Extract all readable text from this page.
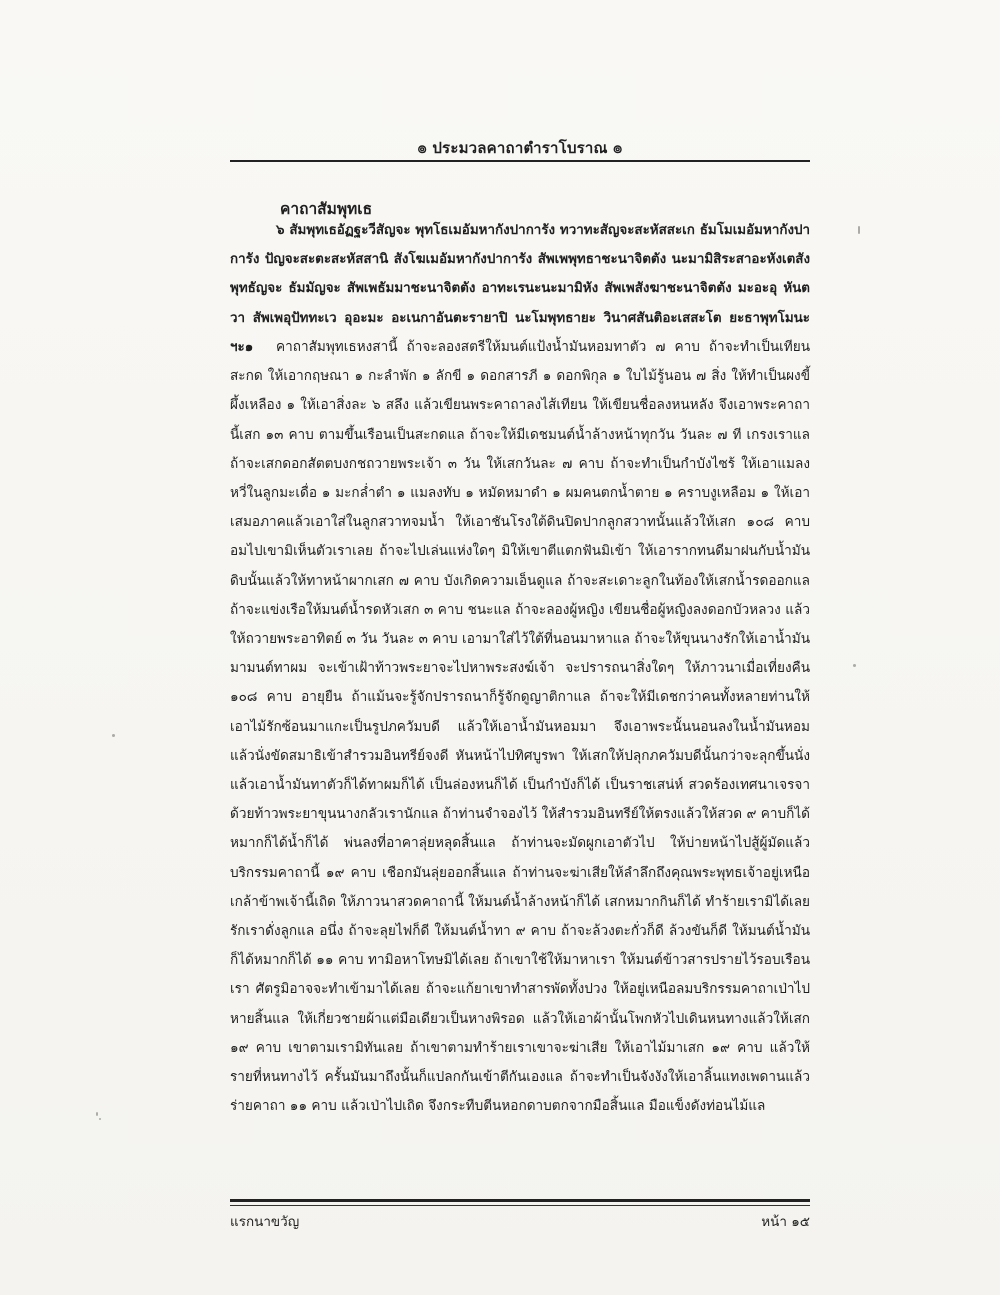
๏ ประมวลคาถาตำราโบราณ ๏
คาถาสัมพุทเธ

๖ สัมพุทเธอัฏฐะวีสัญจะ พุทโธเมอัมหากังปาการัง ทวาทะสัญจะสะหัสสะเก ธัมโมเมอัมหากังปาการัง ปัญจะสะตะสะหัสสานิ สังโฆเมอัมหากังปาการัง สัพเพพุทธาชะนาจิตตัง นะมามิสิระสาอะหังเตสัง พุทธัญจะ ธัมมัญจะ สัพเพธัมมาชะนาจิตตัง อาทะเรนะนะมามิหัง สัพเพสังฆาชะนาจิตตัง มะอะอุ หันตวา สัพเพอุปัททะเว อุอะมะ อะเนกาอันตะรายาปิ นะโมพุทธายะ วินาศสันติอะเสสะโต ยะธาพุทโมนะ ฯะ๑	คาถาสัมพุทเธหงสานี้ ถ้าจะลองสตรีให้มนต์แป้งน้ำมันหอมทาตัว ๗ คาบ ถ้าจะทำเป็นเทียนสะกด ให้เอากฤษณา ๑ กะลำพัก ๑ ลักขี ๑ ดอกสารภี ๑ ดอกพิกุล ๑ ใบไม้รู้นอน ๗ สิ่ง ให้ทำเป็นผงขี้ผึ้งเหลือง ๑ ให้เอาสิ่งละ ๖ สลึง แล้วเขียนพระคาถาลงไส้เทียน ให้เขียนชื่อลงหนหลัง จึงเอาพระคาถานี้เสก ๑๓ คาบ ตามขึ้นเรือนเป็นสะกดแล ถ้าจะให้มีเดชมนต์น้ำล้างหน้าทุกวัน วันละ ๗ ที เกรงเราแล ถ้าจะเสกดอกสัตตบงกชถวายพระเจ้า ๓ วัน ให้เสกวันละ ๗ คาบ ถ้าจะทำเป็นกำบังไซร้ ให้เอาแมลงหวี่ในลูกมะเดื่อ ๑ มะกล่ำตำ ๑ แมลงทับ ๑ หมัดหมาดำ ๑ ผมคนตกน้ำตาย ๑ คราบงูเหลือม ๑ ให้เอาเสมอภาคแล้วเอาใส่ในลูกสวาทจมน้ำ ให้เอาชันโรงใต้ดินปิดปากลูกสวาทนั้นแล้วให้เสก ๑๐๘ คาบ อมไปเขามิเห็นตัวเราเลย ถ้าจะไปเล่นแห่งใดๆ มิให้เขาตีแตกฟันมิเข้า ให้เอารากทนดีมาฝนกับน้ำมันดิบนั้นแล้วให้ทาหน้าผากเสก ๗ คาบ บังเกิดความเอ็นดูแล ถ้าจะสะเดาะลูกในท้องให้เสกน้ำรดออกแล ถ้าจะแข่งเรือให้มนต์น้ำรดหัวเสก ๓ คาบ ชนะแล ถ้าจะลองผู้หญิง เขียนชื่อผู้หญิงลงดอกบัวหลวง แล้วให้ถวายพระอาทิตย์ ๓ วัน วันละ ๓ คาบ เอามาใส่ไว้ใต้ที่นอนมาหาแล ถ้าจะให้ขุนนางรักให้เอาน้ำมันมามนต์ทาผม จะเข้าเฝ้าท้าวพระยาจะไปหาพระสงฆ์เจ้า จะปรารถนาสิ่งใดๆ ให้ภาวนาเมื่อเที่ยงคืน ๑๐๘ คาบ อายุยืน ถ้าแม้นจะรู้จักปรารถนาก็รู้จักดูญาติกาแล ถ้าจะให้มีเดชกว่าคนทั้งหลายท่านให้เอาไม้รักซ้อนมาแกะเป็นรูปภควัมบดี แล้วให้เอาน้ำมันหอมมา จึงเอาพระนั้นนอนลงในน้ำมันหอม แล้วนั่งขัดสมาธิเข้าสำรวมอินทรีย์จงดี หันหน้าไปทิศบูรพา ให้เสกให้ปลุกภควัมบดีนั้นกว่าจะลุกขึ้นนั่ง แล้วเอาน้ำมันทาตัวก็ได้ทาผมก็ได้ เป็นล่องหนก็ได้ เป็นกำบังก็ได้ เป็นราชเสน่ห์ สวดร้องเทศนาเจรจาด้วยท้าวพระยาขุนนางกลัวเรานักแล ถ้าท่านจำจองไว้ ให้สำรวมอินทรีย์ให้ตรงแล้วให้สวด ๙ คาบก็ได้หมากก็ได้น้ำก็ได้ พ่นลงที่อาคาลุ่ยหลุดสิ้นแล ถ้าท่านจะมัดผูกเอาตัวไป ให้บ่ายหน้าไปสู้ผู้มัดแล้วบริกรรมคาถานี้ ๑๙ คาบ เชือกมันลุ่ยออกสิ้นแล ถ้าท่านจะฆ่าเสียให้ลำลึกถึงคุณพระพุทธเจ้าอยู่เหนือเกล้าข้าพเจ้านี้เถิด ให้ภาวนาสวดคาถานี้ ให้มนต์น้ำล้างหน้าก็ได้ เสกหมากกินก็ได้ ทำร้ายเรามิได้เลย รักเราดั่งลูกแล อนึ่ง ถ้าจะลุยไฟก็ดี ให้มนต์น้ำทา ๙ คาบ ถ้าจะล้วงตะกั่วก็ดี ล้วงขันก็ดี ให้มนต์น้ำมันก็ได้หมากก็ได้ ๑๑ คาบ ทามิอหาโทษมิได้เลย ถ้าเขาใช้ให้มาหาเรา ให้มนต์ข้าวสารปรายไว้รอบเรือนเรา ศัตรูมิอาจจะทำเข้ามาได้เลย ถ้าจะแก้ยาเขาทำสารพัดทั้งปวง ให้อยู่เหนือลมบริกรรมคาถาเป่าไปหายสิ้นแล ให้เกี่ยวชายผ้าแต่มือเดียวเป็นหางพิรอด แล้วให้เอาผ้านั้นโพกหัวไปเดินหนทางแล้วให้เสก ๑๙ คาบ เขาตามเรามิทันเลย ถ้าเขาตามทำร้ายเราเขาจะฆ่าเสีย ให้เอาไม้มาเสก ๑๙ คาบ แล้วให้รายที่หนทางไว้ ครั้นมันมาถึงนั้นก็แปลกกันเข้าตีกันเองแล ถ้าจะทำเป็นจังงังให้เอาลิ้นแทงเพดานแล้วร่ายคาถา ๑๑ คาบ แล้วเป่าไปเถิด จึงกระทืบตีนหอกดาบตกจากมือสิ้นแล มือแข็งดังท่อนไม้แล

แรกนาขวัญ	หน้า ๑๕
